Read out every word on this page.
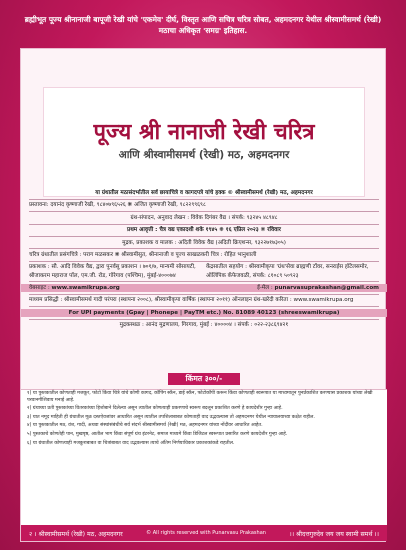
ब्रह्मीभूत पूज्य श्रीनानाजी बापूजी रेखी यांचे 'एकमेव' दीर्घ, विस्तृत आणि सचित्र चरित्र सोबत, अहमदनगर येथील श्रीस्वामीसमर्थ (रेखी) मठाचा अधिकृत 'समग्र' इतिहास.
पूज्य श्री नानाजी रेखी चरित्र
आणि श्रीस्वामीसमर्थ (रेखी) मठ, अहमदनगर
या ग्रंथातील मठासंदर्भातील सर्व छायाचित्रे व कागदपत्रे यांचे हक्क © श्रीस्वामीसमर्थ (रेखी) मठ, अहमदनगर
प्रस्तावना: दयानंद कृष्णाजी रेखी, ९८४०७९६५२६ ❋ अजित कृष्णाजी रेखी, ९८२२९९६९८
ग्रंथ-संपादन, अनुवाद लेखन : विवेक दिगंबर वैद्य । संपर्क: ९३२४५ ४८९४८
प्रथम आवृत्ती : चैत्र वद्य एकादशी शके १९४५ ❋ १६ एप्रिल २०२३ ❋ रविवार
मुद्रक, प्रकाशक व मालक : अदिती विवेक वैद्य (अदिती क्रिएशन्स, ९३२२७१७३०५)
चरित्र ग्रंथातील प्रसंगचित्रे : पराग मळसकर ❋ श्रीस्वामीसुत, श्रीनानाजी व पूज्य साखळकरी चित्र : रोहित भानुशाली
प्रकाशक : सौ. आदि विवेक वैद्य, द्वारा पुनर्वसु प्रकाशन । ७०१/७, मान्यमी सोसायटी, श्रीजाकरम महाराज पॉल, एम.जी. रोड, गोरेगाव (पश्चिम), मुंबई-४०००७४
केंद्रसातील सहयोग : श्रीस्वामीकृपा 'ग्रंथ'सेवा ब्राह्मणी टॉवर, सनराईस हॉटेलसमोर, ऑलिंपिक कॅफेजवळी, संपर्क: ८१०८९ ५०९२३
वेबसाइट : www.swamikrupa.org	ई-मेल : punarvasuprakashan@gmail.com
माध्यम प्रसिद्धी : श्रीस्वामीसमर्थ गादी परंपरा (स्थापना २००८), श्रीस्वामीकृपा वार्षिक (स्थापना २०११) ऑनलाइन ग्रंथ-खरेदी करिता : www.swamikrupa.org
For UPI payments (Gpay | Phonepe | PayTM etc.) No. 81089 40123 (shreeswamikrupa)
मुद्रकस्थळ : आनंद मुद्रणालय, गिरगाव, मुंबई : ४००००४ । संपर्क : ०२२-२३८६९४२१
किंमत ३००/-

१) या पुस्तकातील कोणताही मजकूर, फोटो किंवा चित्रे यांचे कोणी कागद, कॉपिंग स्कॅन, डाई स्कॅन, फोटोकॉपी करून किंवा कोणताही स्वरूपात या माध्यमातून पुनर्प्रकाशित करण्यास प्रकाशक यांच्या लेखी परवानगीशिवाय मनाई आहे.

२) ग्रंथाच्या प्रती पुस्तकांच्या वितरकांच्या हिशोबाने दिलेल्या असून त्यातील कोणत्याही प्रकरणाचे स्वरूप बदलून प्रकाशित करणे हे कायदेशीर गुन्हा आहे.

३) यात नमूद माहिती ही ग्रंथातील मूळ दस्तऐवजांवर आधारित असून त्यातील तपशिलाबाबत कोणताही वाद उद्भवल्यास तो अहमदनगर येथील न्यायालयाच्या कक्षेत राहील.

४) या पुस्तकातील मठ, वंश, गादी, अथवा संस्थांसंबंधीचे सर्व संदर्भ श्रीस्वामीसमर्थ (रेखी) मठ, अहमदनगर यांच्या नोंदींवर आधारित आहेत.

५) पुस्तकाचे कोणतेही पान, मुखपृष्ठ, आतील भाग किंवा संपूर्ण ग्रंथ इंटरनेट, समाज माध्यमे किंवा डिजिटल स्वरूपात प्रसारित करणे कायदेशीर गुन्हा आहे.

६) या ग्रंथातील कोणत्याही मजकुराबाबत वा चित्रांबाबत वाद उद्भवल्यास त्याचे अंतिम निर्णयाधिकार प्रकाशकांकडे राहतील.

२ । श्रीस्वामीसमर्थ (रेखी) मठ, अहमदनगर	© All rights reserved with Punarvasu Prakashan	।। श्रीदत्तगुरुदेव जय जय स्वामी समर्थ ।।
